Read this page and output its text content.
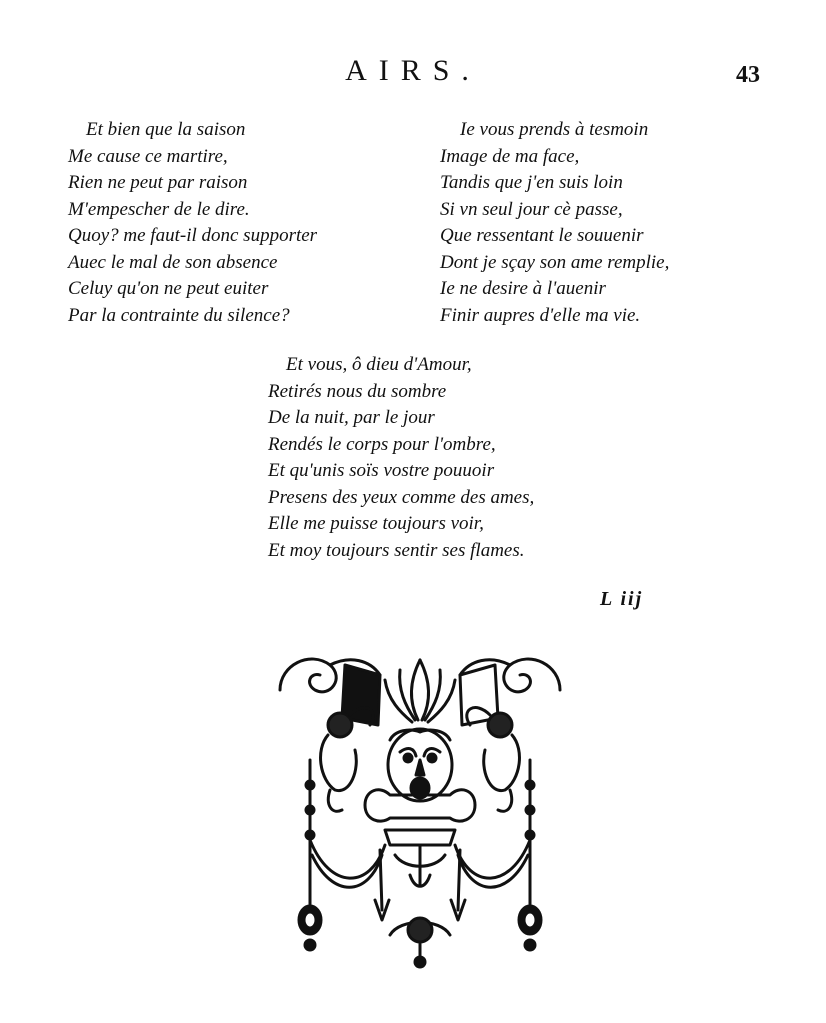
AIRS.	43
Et bien que la saison
Me cause ce martire,
Rien ne peut par raison
M'empescher de le dire.
Quoy? me faut-il donc supporter
Auec le mal de son absence
Celuy qu'on ne peut euiter
Par la contrainte du silence?
Ie vous prends à tesmoin
Image de ma face,
Tandis que j'en suis loin
Si vn seul jour cè passe,
Que ressentant le souuenir
Dont je sçay son ame remplie,
Ie ne desire à l'auenir
Finir aupres d'elle ma vie.
Et vous, ô dieu d'Amour,
Retirés nous du sombre
De la nuit, par le jour
Rendés le corps pour l'ombre,
Et qu'unis soïs vostre pouuoir
Presens des yeux comme des ames,
Elle me puisse toujours voir,
Et moy toujours sentir ses flames.
L iij
